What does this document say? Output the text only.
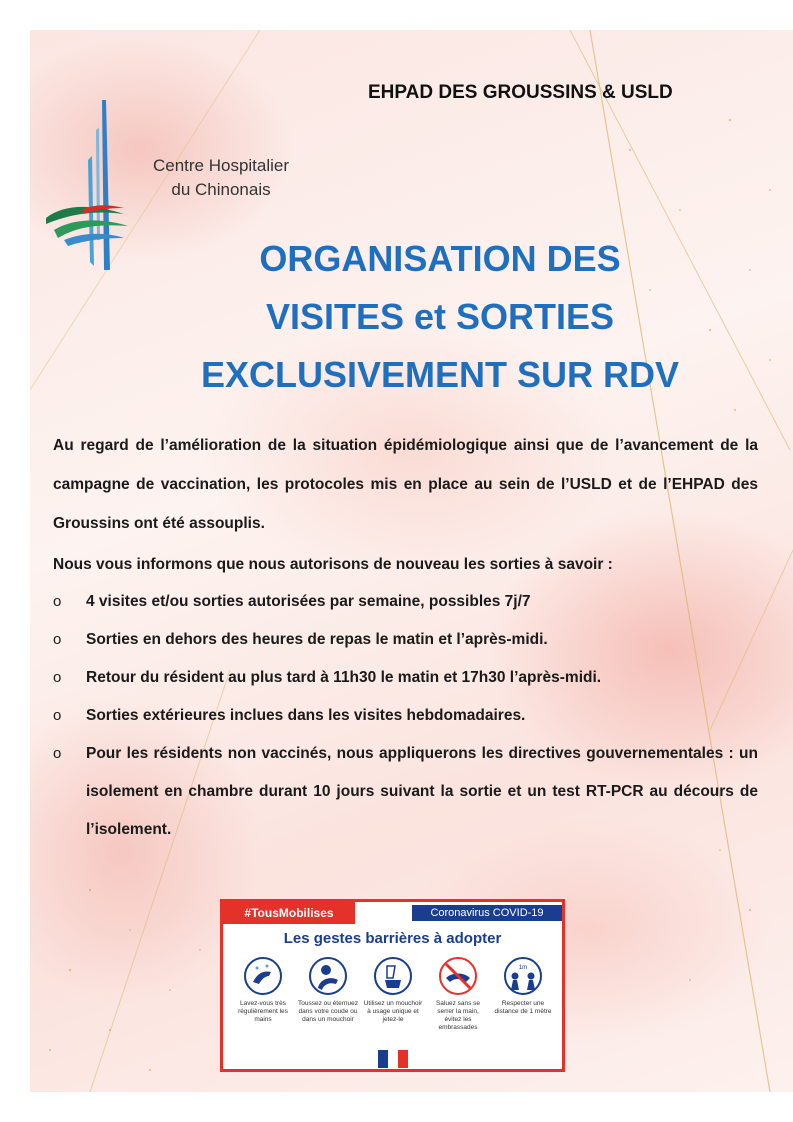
EHPAD DES GROUSSINS & USLD
Centre Hospitalier
du Chinonais
ORGANISATION DES
VISITES et SORTIES
EXCLUSIVEMENT SUR RDV

Au regard de l’amélioration de la situation épidémiologique ainsi que de l’avancement de la campagne de vaccination, les protocoles mis en place au sein de l’USLD et de l’EHPAD des Groussins ont été assouplis.

Nous vous informons que nous autorisons de nouveau les sorties à savoir :

o 4 visites et/ou sorties autorisées par semaine, possibles 7j/7
o Sorties en dehors des heures de repas le matin et l’après-midi.
o Retour du résident au plus tard à 11h30 le matin et 17h30 l’après-midi.
o Sorties extérieures inclues dans les visites hebdomadaires.
o Pour les résidents non vaccinés, nous appliquerons les directives gouvernementales : un isolement en chambre durant 10 jours suivant la sortie et un test RT-PCR au décours de l’isolement.
#TousMobilises	Coronavirus COVID-19
Les gestes barrières à adopter
Lavez-vous très régulièrement les mains
Toussez ou éternuez dans votre coude ou dans un mouchoir
Utilisez un mouchoir à usage unique et jetez-le
Saluez sans se serrer la main, évitez les embrassades
1m
Respecter une distance de 1 mètre
